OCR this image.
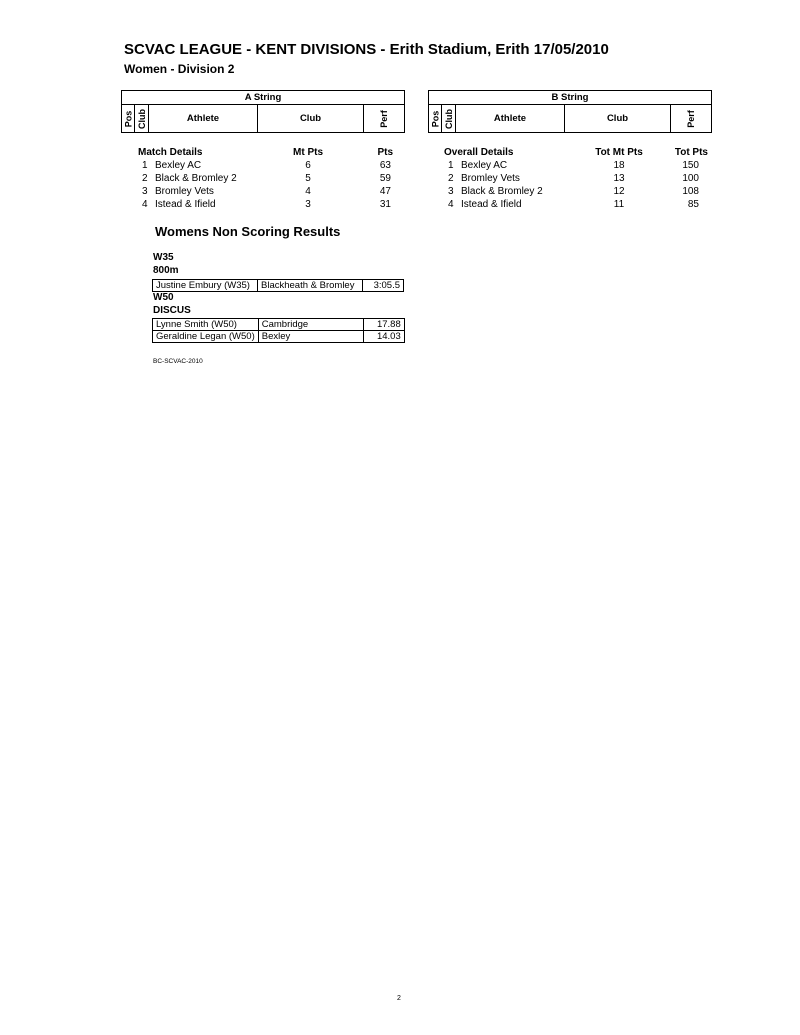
SCVAC LEAGUE - KENT DIVISIONS - Erith Stadium, Erith 17/05/2010
Women - Division 2
A String
Pos Club	Athlete	Club	Perf
B String
Pos Club	Athlete	Club	Perf
Match Details	Mt Pts	Pts
1 Bexley AC	6	63
2 Black & Bromley 2	5	59
3 Bromley Vets	4	47
4 Istead & Ifield	3	31
Overall Details	Tot Mt Pts	Tot Pts
1 Bexley AC	18	150
2 Bromley Vets	13	100
3 Black & Bromley 2	12	108
4 Istead & Ifield	11	85
Womens Non Scoring Results
W35
800m
Justine Embury (W35)	Blackheath & Bromley	3:05.5
W50
DISCUS
Lynne Smith (W50)	Cambridge	17.88
Geraldine Legan (W50)	Bexley	14.03
BC-SCVAC-2010
2
